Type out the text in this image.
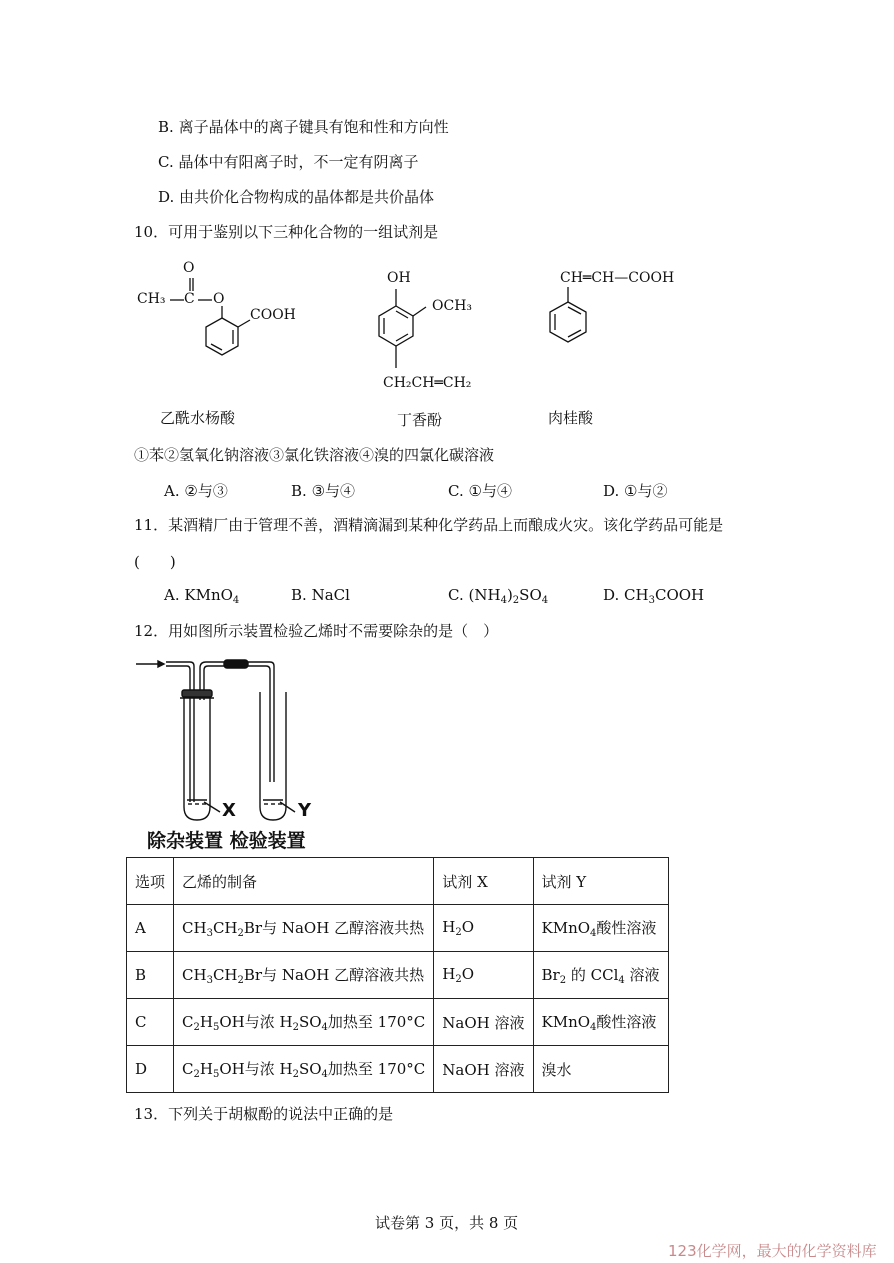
B. 离子晶体中的离子键具有饱和性和方向性
C. 晶体中有阳离子时，不一定有阴离子
D. 由共价化合物构成的晶体都是共价晶体
10．可用于鉴别以下三种化合物的一组试剂是
O
CH₃ C O
COOH
OH
OCH₃
CH₂CH═CH₂
CH═CH—COOH
乙酰水杨酸	丁香酚	肉桂酸
①苯②氢氧化钠溶液③氯化铁溶液④溴的四氯化碳溶液
A. ②与③	B. ③与④	C. ①与④	D. ①与②
11．某酒精厂由于管理不善，酒精滴漏到某种化学药品上而酿成火灾。该化学药品可能是
(　　)
A. KMnO$_4$	B. NaCl	C. $(NH_4)_2SO_4$	D. $CH_3COOH$
12．用如图所示装置检验乙烯时不需要除杂的是（　）
X	Y
除杂装置 检验装置
选项	乙烯的制备	试剂 X	试剂 Y
A	$CH_3CH_2Br$与 NaOH 乙醇溶液共热	$H_2O$	KMnO$_4$酸性溶液
B	$CH_3CH_2Br$与 NaOH 乙醇溶液共热	$H_2O$	$Br_2$ 的 CCl$_4$ 溶液
C	$C_2H_5OH$与浓 $H_2SO_4$加热至 170°C	NaOH 溶液	KMnO$_4$酸性溶液
D	$C_2H_5OH$与浓 $H_2SO_4$加热至 170°C	NaOH 溶液	溴水
13．下列关于胡椒酚的说法中正确的是
试卷第 3 页，共 8 页
123化学网，最大的化学资料库
